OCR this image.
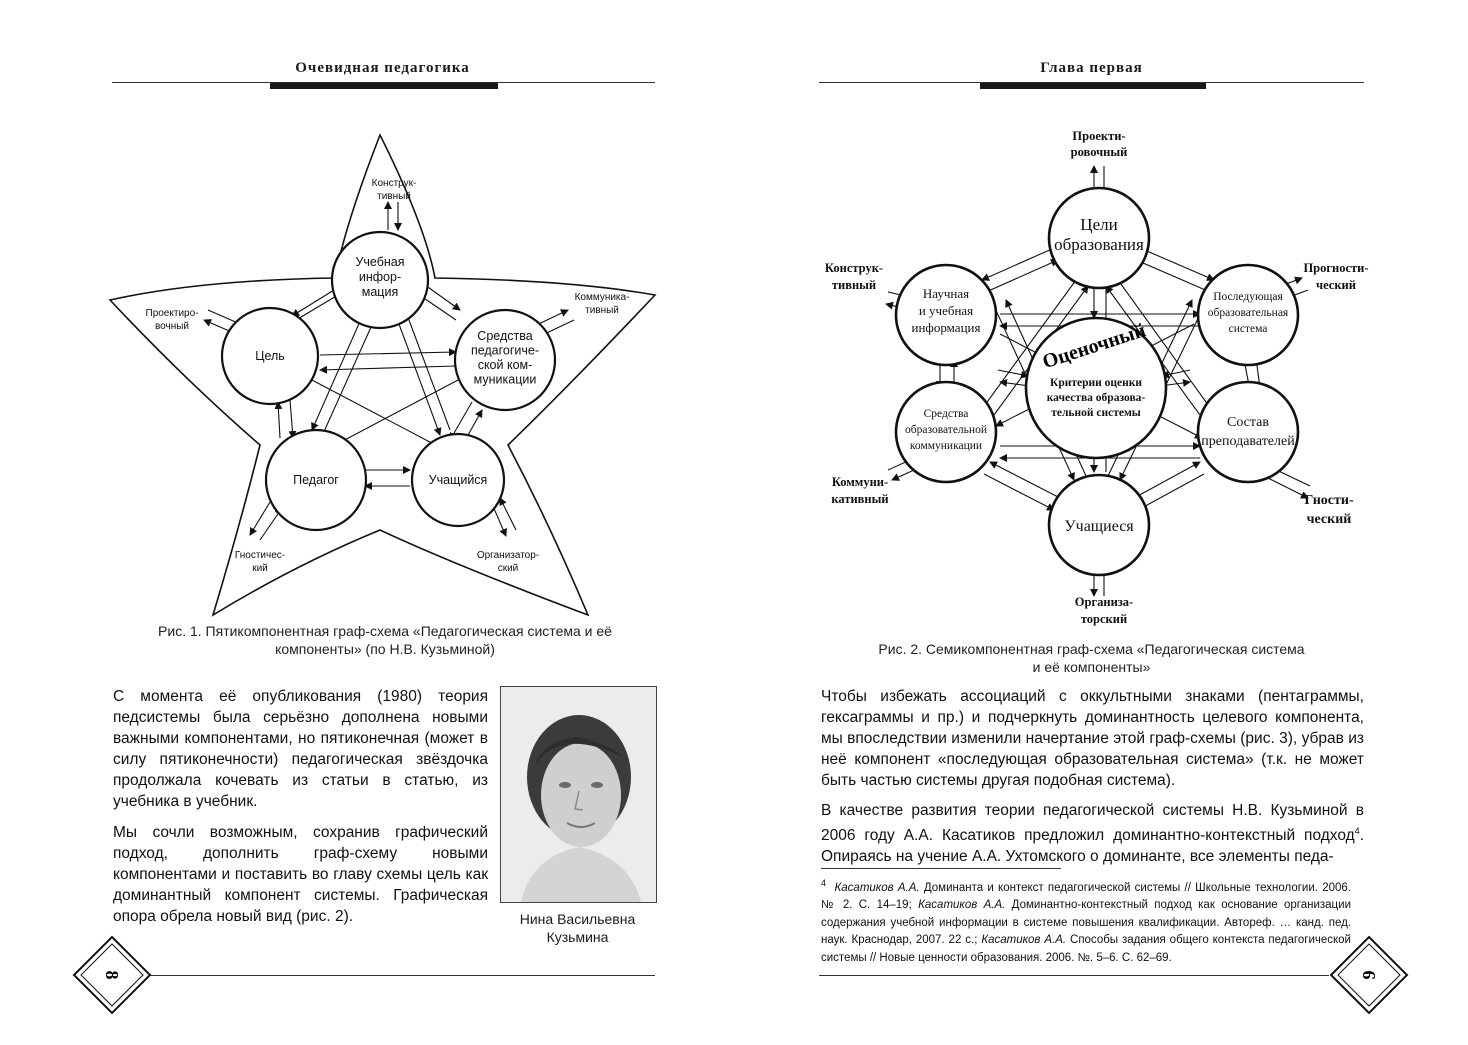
Очевидная педагогика
Учебная инфор-мация
Цель
Средства педагогиче-ской ком-муникации
Педагог	Учащийся
Конструк-тивный
Проектиро-вочный
Коммуника-тивный
Гностичес-кий
Организатор-ский
Рис. 1. Пятикомпонентная граф-схема «Педагогическая система и её
компоненты» (по Н.В. Кузьминой)

С момента её опубликования (1980) теория педсистемы была серьёзно дополнена новыми важными компонентами, но пятиконечная (может в силу пятиконечности) педагогическая звёздочка продолжала кочевать из статьи в статью, из учебника в учебник.

Мы сочли возможным, сохранив графический подход, дополнить граф-схему новыми компонентами и поставить во главу схемы цель как доминантный компонент системы. Графическая опора обрела новый вид (рис. 2).	Нина Васильевна
Кузьмина
8
Глава первая
Оценочный
Критерии оценки качества образова-тельной системы
Цели образования
Научная и учебная информация
Последующая образовательная система
Средства образовательной коммуникации
Состав преподавателей
Учащиеся
Проекти-ровочный
Конструк-тивный
Прогности-ческий
Коммуни-кативный	Гности-ческий
Организа-торский
Рис. 2. Семикомпонентная граф-схема «Педагогическая система
и её компоненты»

Чтобы избежать ассоциаций с оккультными знаками (пентаграммы, гексаграммы и пр.) и подчеркнуть доминантность целевого компонента, мы впоследствии изменили начертание этой граф-схемы (рис. 3), убрав из неё компонент «последующая образовательная система» (т.к. не может быть частью системы другая подобная система).

В качестве развития теории педагогической системы Н.В. Кузьминой в 2006 году А.А. Касатиков предложил доминантно-контекстный подход$^4$. Опираясь на учение А.А. Ухтомского о доминанте, все элементы педа-

$^4$ Касатиков А.А. Доминанта и контекст педагогической системы // Школьные технологии. 2006. № 2. С. 14–19; Касатиков А.А. Доминантно-контекстный подход как основание организации содержания учебной информации в системе повышения квалификации. Автореф. … канд. пед. наук. Краснодар, 2007. 22 с.; Касатиков А.А. Способы задания общего контекста педагогической системы // Новые ценности образования. 2006. №. 5–6. С. 62–69.

9
